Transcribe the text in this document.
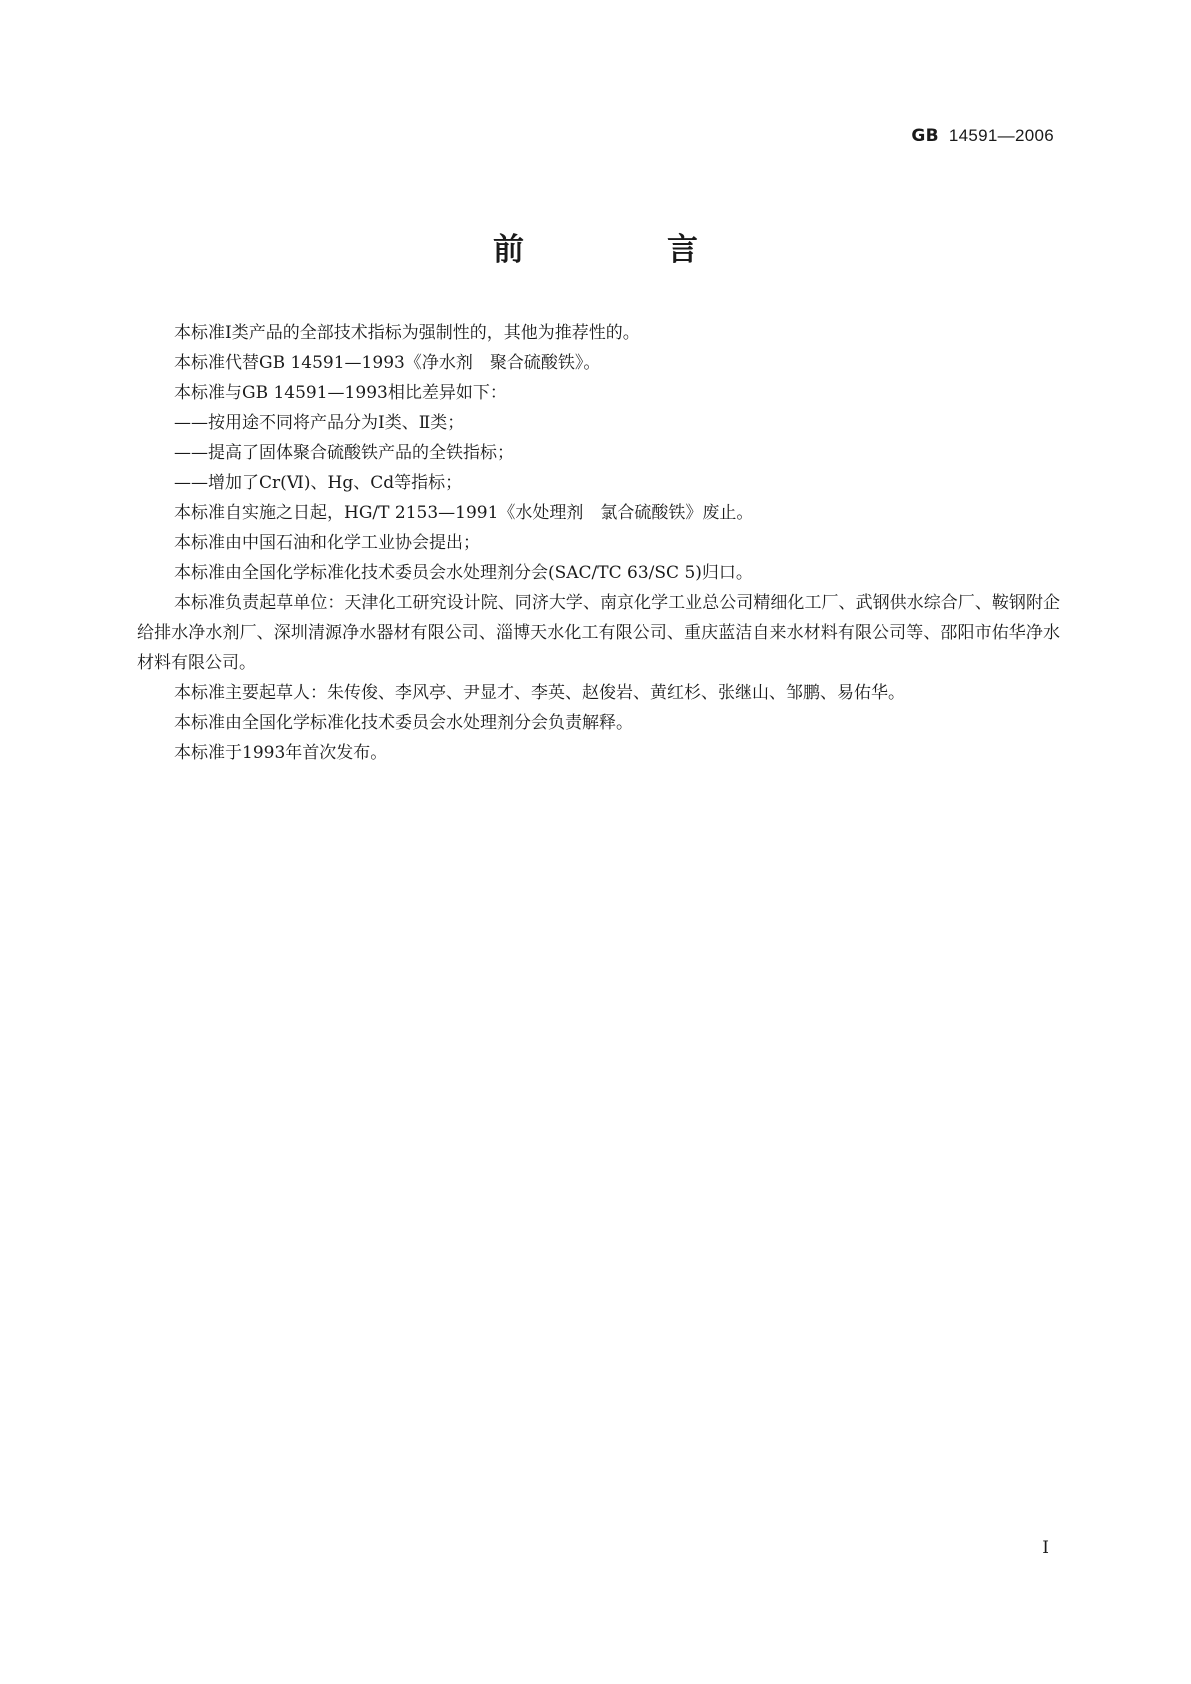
GB 14591—2006
前　言

本标准Ⅰ类产品的全部技术指标为强制性的，其他为推荐性的。

本标准代替GB 14591—1993《净水剂　聚合硫酸铁》。

本标准与GB 14591—1993相比差异如下：

——按用途不同将产品分为Ⅰ类、Ⅱ类；

——提高了固体聚合硫酸铁产品的全铁指标；

——增加了Cr(Ⅵ)、Hg、Cd等指标；

本标准自实施之日起，HG/T 2153—1991《水处理剂　氯合硫酸铁》废止。

本标准由中国石油和化学工业协会提出；

本标准由全国化学标准化技术委员会水处理剂分会(SAC/TC 63/SC 5)归口。

本标准负责起草单位：天津化工研究设计院、同济大学、南京化学工业总公司精细化工厂、武钢供水综合厂、鞍钢附企给排水净水剂厂、深圳清源净水器材有限公司、淄博天水化工有限公司、重庆蓝洁自来水材料有限公司等、邵阳市佑华净水材料有限公司。

本标准主要起草人：朱传俊、李风亭、尹显才、李英、赵俊岩、黄红杉、张继山、邹鹏、易佑华。

本标准由全国化学标准化技术委员会水处理剂分会负责解释。

本标准于1993年首次发布。

I
